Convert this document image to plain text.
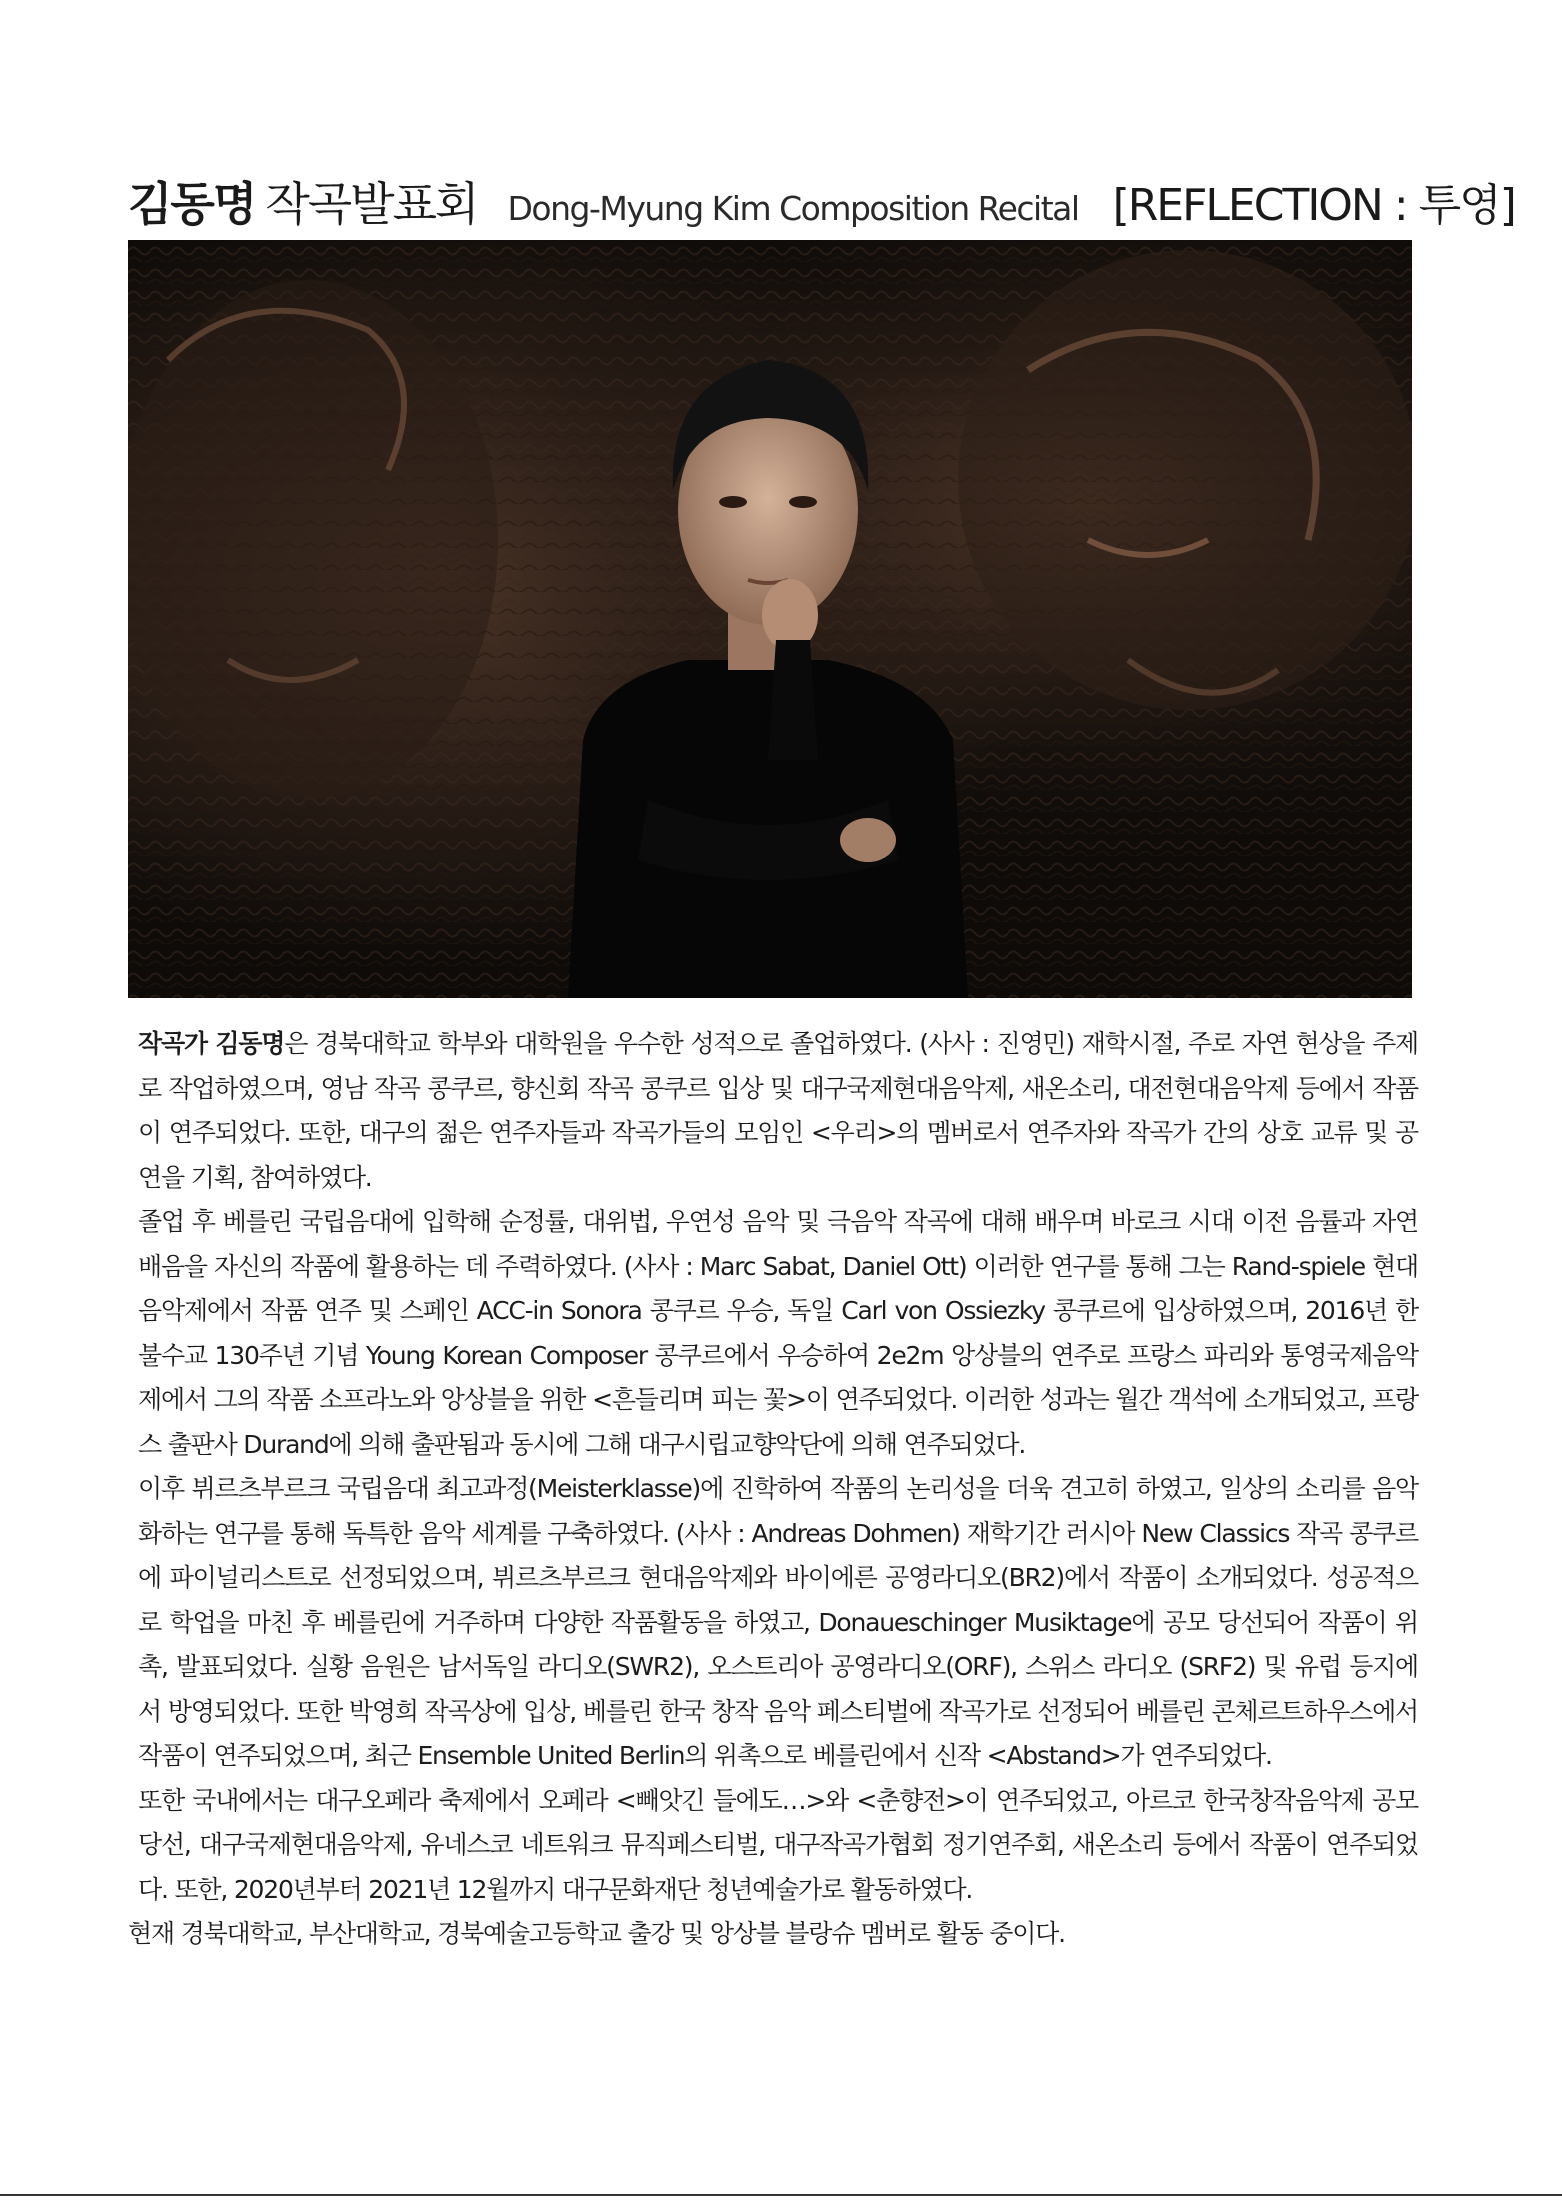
김동명 작곡발표회 Dong-Myung Kim Composition Recital [REFLECTION : 투영]

작곡가 김동명은 경북대학교 학부와 대학원을 우수한 성적으로 졸업하였다. (사사 : 진영민) 재학시절, 주로 자연 현상을 주제로 작업하였으며, 영남 작곡 콩쿠르, 향신회 작곡 콩쿠르 입상 및 대구국제현대음악제, 새온소리, 대전현대음악제 등에서 작품이 연주되었다. 또한, 대구의 젊은 연주자들과 작곡가들의 모임인 <우리>의 멤버로서 연주자와 작곡가 간의 상호 교류 및 공연을 기획, 참여하였다.

졸업 후 베를린 국립음대에 입학해 순정률, 대위법, 우연성 음악 및 극음악 작곡에 대해 배우며 바로크 시대 이전 음률과 자연배음을 자신의 작품에 활용하는 데 주력하였다. (사사 : Marc Sabat, Daniel Ott) 이러한 연구를 통해 그는 Rand-spiele 현대음악제에서 작품 연주 및 스페인 ACC-in Sonora 콩쿠르 우승, 독일 Carl von Ossiezky 콩쿠르에 입상하였으며, 2016년 한불수교 130주년 기념 Young Korean Composer 콩쿠르에서 우승하여 2e2m 앙상블의 연주로 프랑스 파리와 통영국제음악제에서 그의 작품 소프라노와 앙상블을 위한 <흔들리며 피는 꽃>이 연주되었다. 이러한 성과는 월간 객석에 소개되었고, 프랑스 출판사 Durand에 의해 출판됨과 동시에 그해 대구시립교향악단에 의해 연주되었다.

이후 뷔르츠부르크 국립음대 최고과정(Meisterklasse)에 진학하여 작품의 논리성을 더욱 견고히 하였고, 일상의 소리를 음악화하는 연구를 통해 독특한 음악 세계를 구축하였다. (사사 : Andreas Dohmen) 재학기간 러시아 New Classics 작곡 콩쿠르에 파이널리스트로 선정되었으며, 뷔르츠부르크 현대음악제와 바이에른 공영라디오(BR2)에서 작품이 소개되었다. 성공적으로 학업을 마친 후 베를린에 거주하며 다양한 작품활동을 하였고, Donaueschinger Musiktage에 공모 당선되어 작품이 위촉, 발표되었다. 실황 음원은 남서독일 라디오(SWR2), 오스트리아 공영라디오(ORF), 스위스 라디오 (SRF2) 및 유럽 등지에서 방영되었다. 또한 박영희 작곡상에 입상, 베를린 한국 창작 음악 페스티벌에 작곡가로 선정되어 베를린 콘체르트하우스에서 작품이 연주되었으며, 최근 Ensemble United Berlin의 위촉으로 베를린에서 신작 <Abstand>가 연주되었다.

또한 국내에서는 대구오페라 축제에서 오페라 <빼앗긴 들에도…>와 <춘향전>이 연주되었고, 아르코 한국창작음악제 공모 당선, 대구국제현대음악제, 유네스코 네트워크 뮤직페스티벌, 대구작곡가협회 정기연주회, 새온소리 등에서 작품이 연주되었다. 또한, 2020년부터 2021년 12월까지 대구문화재단 청년예술가로 활동하였다.

현재 경북대학교, 부산대학교, 경북예술고등학교 출강 및 앙상블 블랑슈 멤버로 활동 중이다.
